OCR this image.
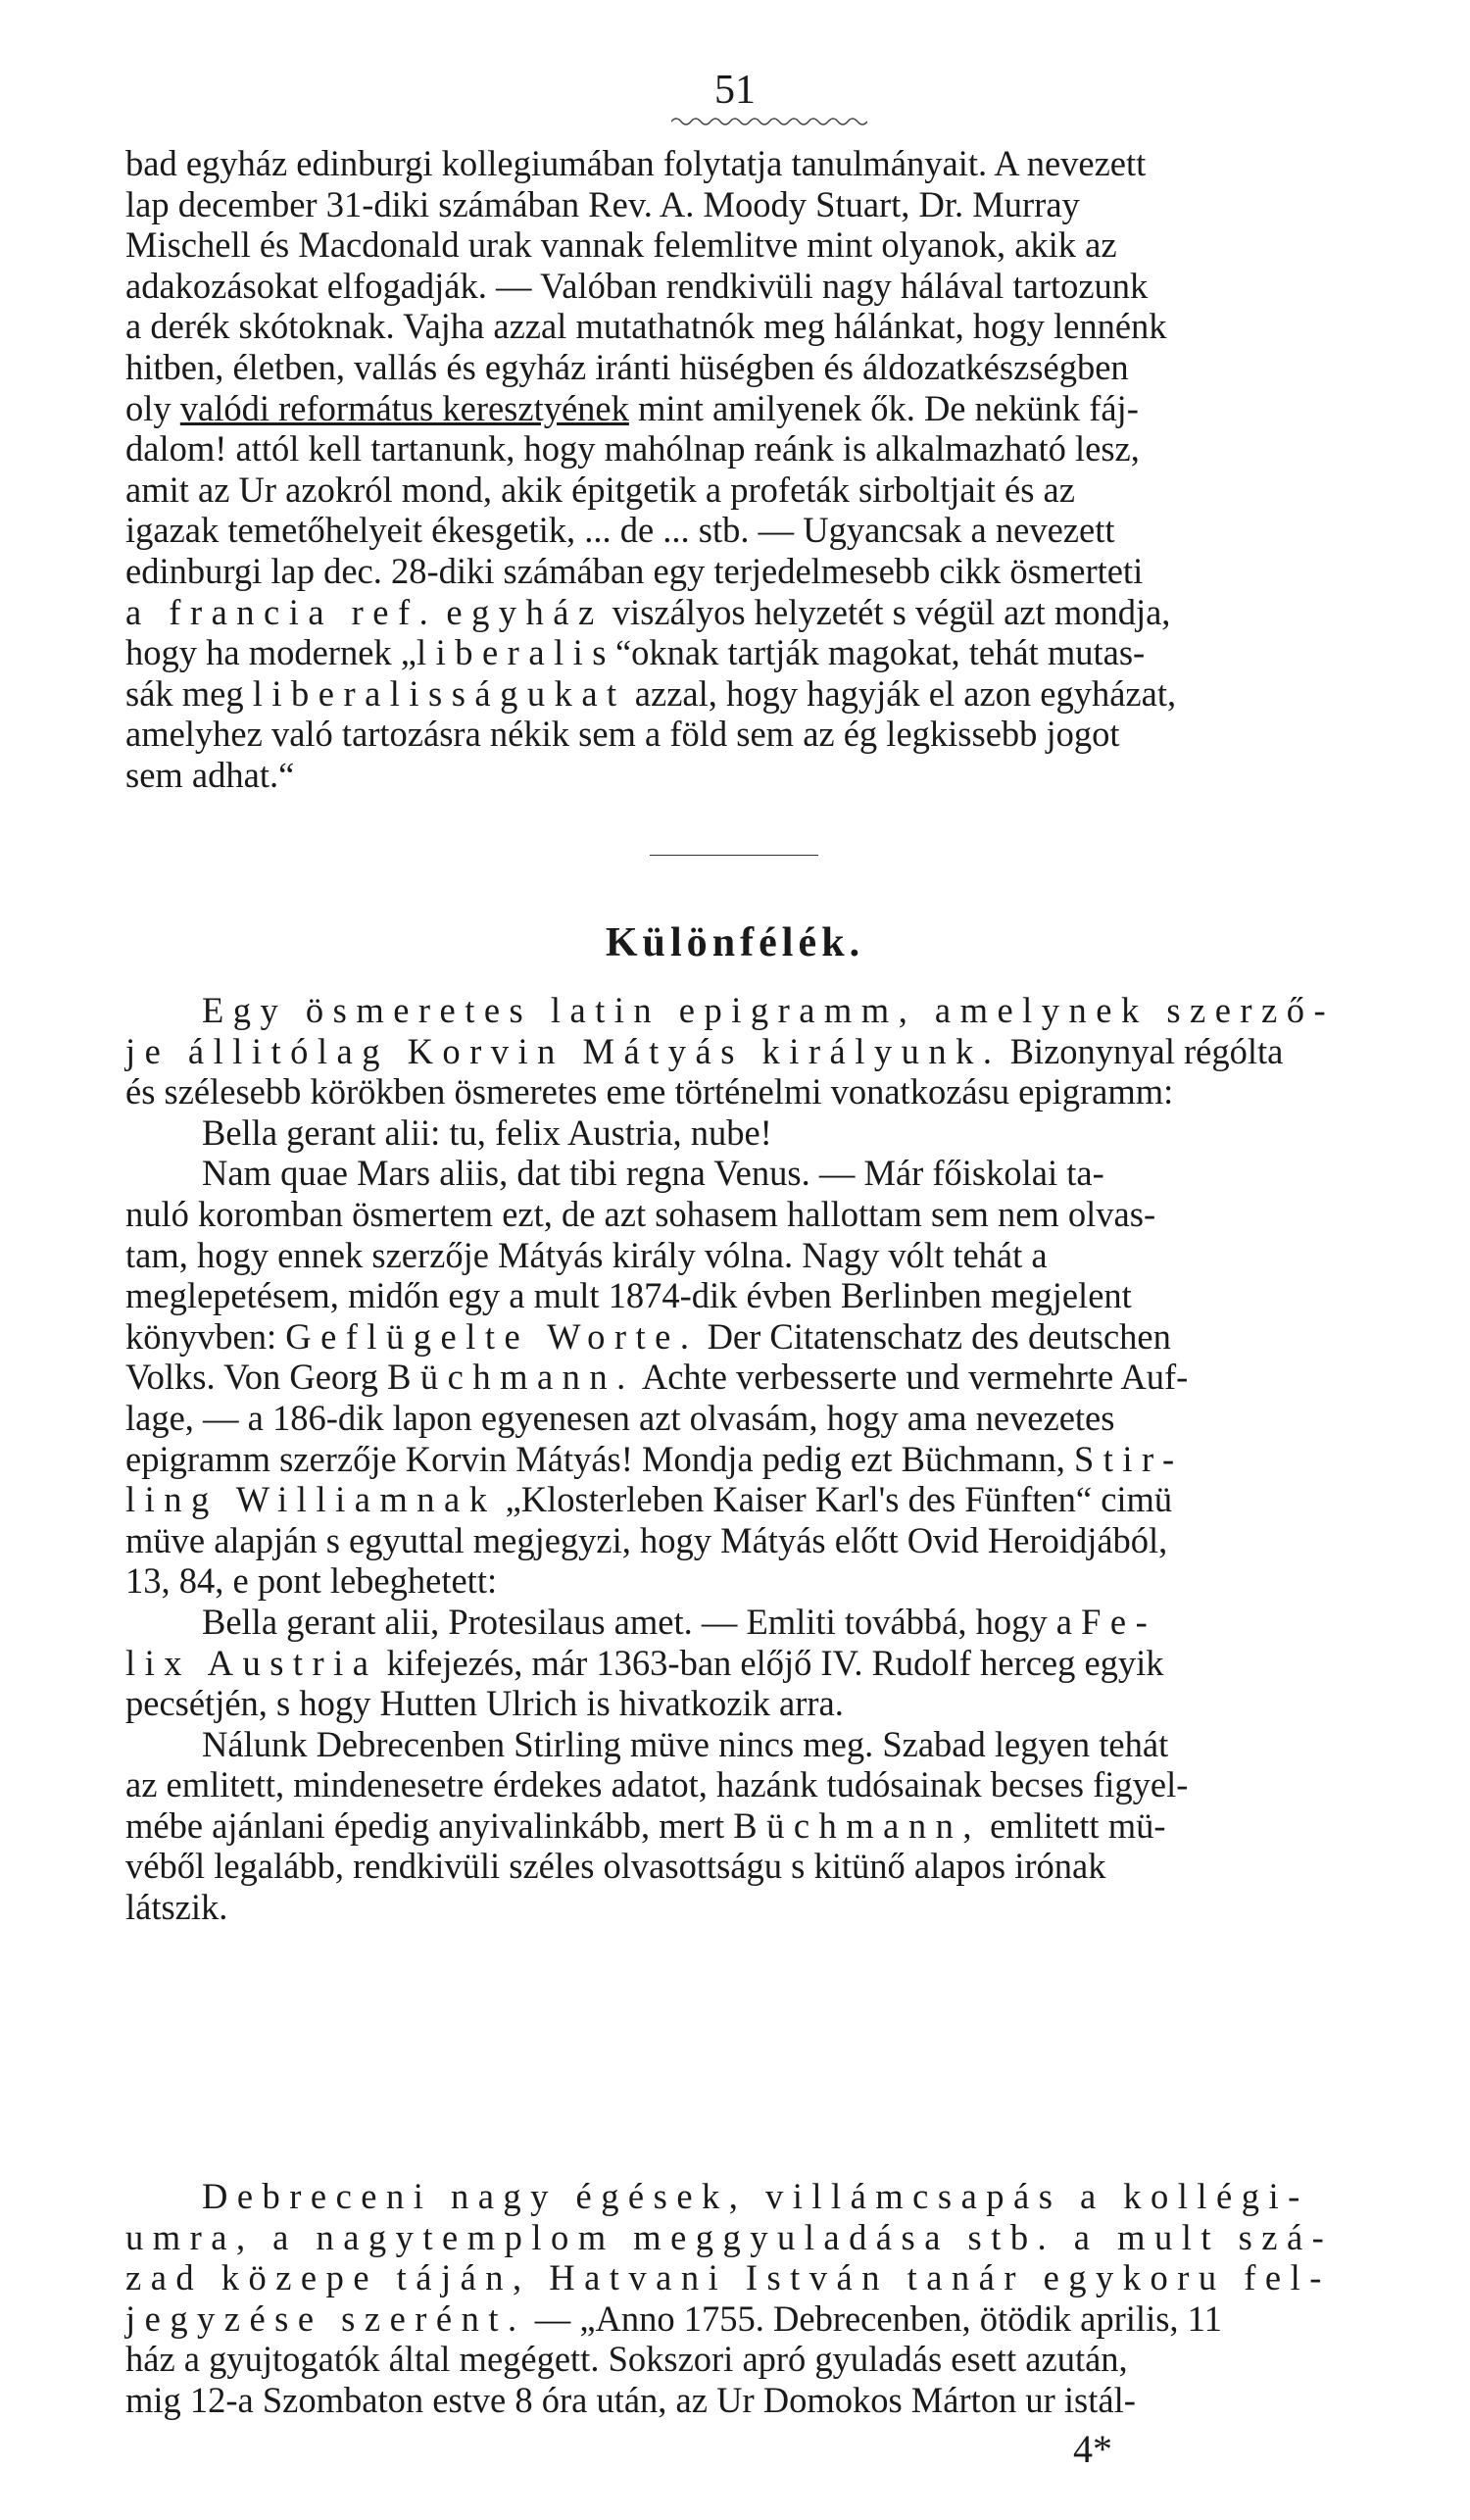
51

bad egyház edinburgi kollegiumában folytatja tanulmányait. A nevezett

lap december 31-diki számában Rev. A. Moody Stuart, Dr. Murray

Mischell és Macdonald urak vannak felemlitve mint olyanok, akik az

adakozásokat elfogadják. — Valóban rendkivüli nagy hálával tartozunk

a derék skótoknak. Vajha azzal mutathatnók meg hálánkat, hogy lennénk

hitben, életben, vallás és egyház iránti hüségben és áldozatkészségben

oly valódi református keresztyének mint amilyenek ők. De nekünk fáj-

dalom! attól kell tartanunk, hogy mahólnap reánk is alkalmazható lesz,

amit az Ur azokról mond, akik épitgetik a profeták sirboltjait és az

igazak temetőhelyeit ékesgetik, ... de ... stb. — Ugyancsak a nevezett

edinburgi lap dec. 28-diki számában egy terjedelmesebb cikk ösmerteti

a francia ref. egyház viszályos helyzetét s végül azt mondja,

hogy ha modernek „liberalis“oknak tartják magokat, tehát mutas-

sák meg liberalisságukat azzal, hogy hagyják el azon egyházat,

amelyhez való tartozásra nékik sem a föld sem az ég legkissebb jogot

sem adhat.“

Különfélék.

Egy ösmeretes latin epigramm, amelynek szerző-

je állitólag Korvin Mátyás királyunk. Bizonynyal régólta

és szélesebb körökben ösmeretes eme történelmi vonatkozásu epigramm:

Bella gerant alii: tu, felix Austria, nube!

Nam quae Mars aliis, dat tibi regna Venus. — Már főiskolai ta-

nuló koromban ösmertem ezt, de azt sohasem hallottam sem nem olvas-

tam, hogy ennek szerzője Mátyás király vólna. Nagy vólt tehát a

meglepetésem, midőn egy a mult 1874-dik évben Berlinben megjelent

könyvben: Geflügelte Worte. Der Citatenschatz des deutschen

Volks. Von Georg Büchmann. Achte verbesserte und vermehrte Auf-

lage, — a 186-dik lapon egyenesen azt olvasám, hogy ama nevezetes

epigramm szerzője Korvin Mátyás! Mondja pedig ezt Büchmann, Stir-

ling Williamnak „Klosterleben Kaiser Karl's des Fünften“ cimü

müve alapján s egyuttal megjegyzi, hogy Mátyás előtt Ovid Heroidjából,

13, 84, e pont lebeghetett:

Bella gerant alii, Protesilaus amet. — Emliti továbbá, hogy a Fe-

lix Austria kifejezés, már 1363-ban előjő IV. Rudolf herceg egyik

pecsétjén, s hogy Hutten Ulrich is hivatkozik arra.

Nálunk Debrecenben Stirling müve nincs meg. Szabad legyen tehát

az emlitett, mindenesetre érdekes adatot, hazánk tudósainak becses figyel-

mébe ajánlani épedig anyivalinkább, mert Büchmann, emlitett mü-

véből legalább, rendkivüli széles olvasottságu s kitünő alapos irónak

látszik.

Debreceni nagy égések, villámcsapás a kollégi-

umra, a nagytemplom meggyuladása stb. a mult szá-

zad közepe táján, Hatvani István tanár egykoru fel-

jegyzése szerént. — „Anno 1755. Debrecenben, ötödik aprilis, 11

ház a gyujtogatók által megégett. Sokszori apró gyuladás esett azután,

mig 12-a Szombaton estve 8 óra után, az Ur Domokos Márton ur istál-

4*
